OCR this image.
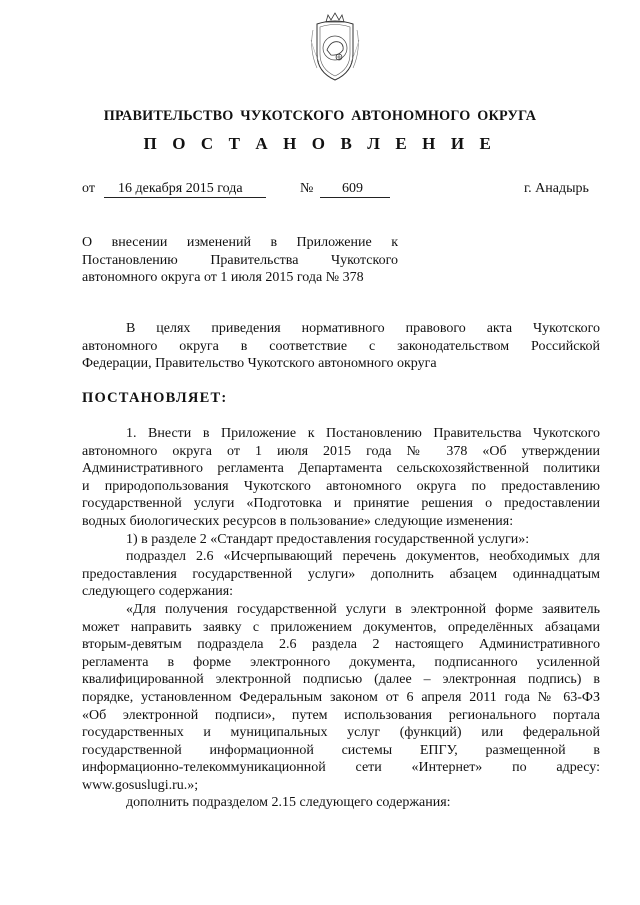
ПРАВИТЕЛЬСТВО ЧУКОТСКОГО АВТОНОМНОГО ОКРУГА
П О С Т А Н О В Л Е Н И Е
от 16 декабря 2015 года	№ 609	г. Анадырь
О внесении изменений в Приложение к
Постановлению Правительства Чукотского
автономного округа от 1 июля 2015 года № 378
В целях приведения нормативного правового акта Чукотского
автономного округа в соответствие с законодательством Российской
Федерации, Правительство Чукотского автономного округа
ПОСТАНОВЛЯЕТ:
1. Внести в Приложение к Постановлению Правительства Чукотского
автономного округа от 1 июля 2015 года № 378 «Об утверждении
Административного регламента Департамента сельскохозяйственной политики
и природопользования Чукотского автономного округа по предоставлению
государственной услуги «Подготовка и принятие решения о предоставлении
водных биологических ресурсов в пользование» следующие изменения:
1) в разделе 2 «Стандарт предоставления государственной услуги»:
подраздел 2.6 «Исчерпывающий перечень документов, необходимых для
предоставления государственной услуги» дополнить абзацем одиннадцатым
следующего содержания:
«Для получения государственной услуги в электронной форме заявитель
может направить заявку с приложением документов, определённых абзацами
вторым-девятым подраздела 2.6 раздела 2 настоящего Административного
регламента в форме электронного документа, подписанного усиленной
квалифицированной электронной подписью (далее – электронная подпись) в
порядке, установленном Федеральным законом от 6 апреля 2011 года № 63-ФЗ
«Об электронной подписи», путем использования регионального портала
государственных и муниципальных услуг (функций) или федеральной
государственной информационной системы ЕПГУ, размещенной в
информационно-телекоммуникационной сети «Интернет» по адресу:
www.gosuslugi.ru.»;
дополнить подразделом 2.15 следующего содержания:
